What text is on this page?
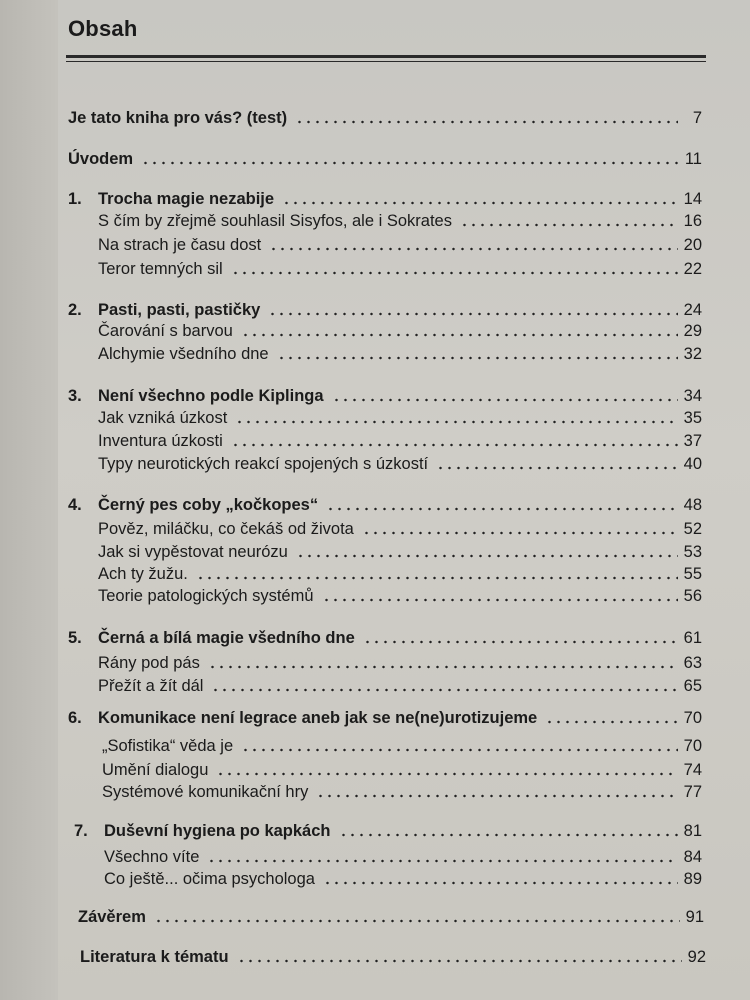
Obsah
Je tato kniha pro vás? (test)	7
Úvodem	11
1. Trocha magie nezabije	14
S čím by zřejmě souhlasil Sisyfos, ale i Sokrates	16
Na strach je času dost	20
Teror temných sil	22
2. Pasti, pasti, pastičky	24
Čarování s barvou	29
Alchymie všedního dne	32
3. Není všechno podle Kiplinga	34
Jak vzniká úzkost	35
Inventura úzkosti	37
Typy neurotických reakcí spojených s úzkostí	40
4. Černý pes coby „kočkopes“	48
Pověz, miláčku, co čekáš od života	52
Jak si vypěstovat neurózu	53
Ach ty žužu.	55
Teorie patologických systémů	56
5. Černá a bílá magie všedního dne	61
Rány pod pás	63
Přežít a žít dál	65
6. Komunikace není legrace aneb jak se ne(ne)urotizujeme	70
„Sofistika“ věda je	70
Umění dialogu	74
Systémové komunikační hry	77
7. Duševní hygiena po kapkách	81
Všechno víte	84
Co ještě... očima psychologa	89
Závěrem	91
Literatura k tématu	92
